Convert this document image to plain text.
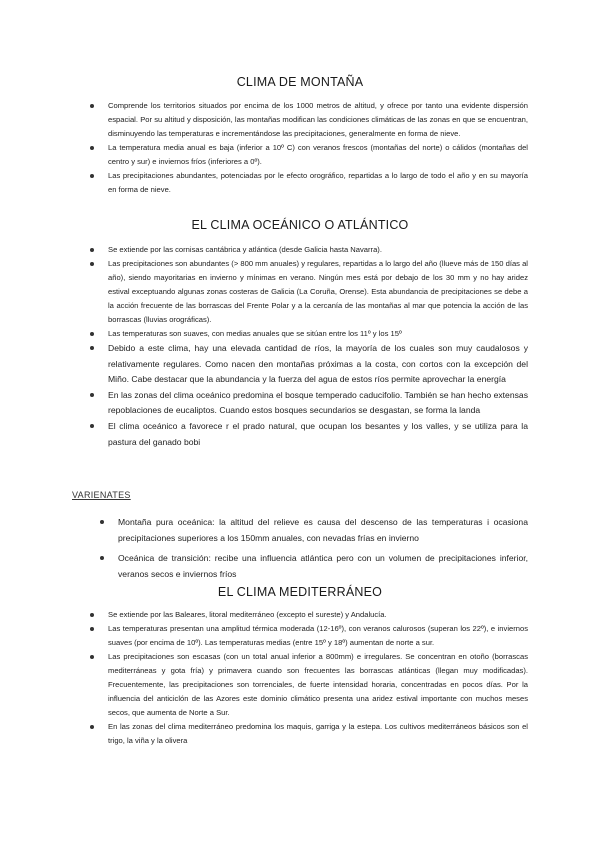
CLIMA DE MONTAÑA
Comprende los territorios situados por encima de los 1000 metros de altitud, y ofrece por tanto una evidente dispersión espacial. Por su altitud y disposición, las montañas modifican las condiciones climáticas de las zonas en que se encuentran, disminuyendo las temperaturas e incrementándose las precipitaciones, generalmente en forma de nieve.
La temperatura media anual es baja (inferior a 10º C) con veranos frescos (montañas del norte) o cálidos (montañas del centro y sur) e inviernos fríos (inferiores a 0º).
Las precipitaciones abundantes, potenciadas por le efecto orográfico, repartidas a lo largo de todo el año y en su mayoría en forma de nieve.
EL CLIMA OCEÁNICO O ATLÁNTICO
Se extiende por las cornisas cantábrica y atlántica (desde Galicia hasta Navarra).
Las precipitaciones son abundantes (> 800 mm anuales) y regulares, repartidas a lo largo del año (llueve más de 150 días al año), siendo mayoritarias en invierno y mínimas en verano. Ningún mes está por debajo de los 30 mm y no hay aridez estival exceptuando algunas zonas costeras de Galicia (La Coruña, Orense). Esta abundancia de precipitaciones se debe a la acción frecuente de las borrascas del Frente Polar y a la cercanía de las montañas al mar que potencia la acción de las borrascas (lluvias orográficas).
Las temperaturas son suaves, con medias anuales que se sitúan entre los 11º y los 15º
Debido a este clima, hay una elevada cantidad de ríos, la mayoría de los cuales son muy caudalosos y relativamente regulares. Como nacen den montañas próximas a la costa, con cortos con la excepción del Miño. Cabe destacar que la abundancia y la fuerza del agua de estos ríos permite aprovechar la energía
En las zonas del clima oceánico predomina el bosque temperado caducifolio. También se han hecho extensas repoblaciones de eucaliptos. Cuando estos bosques secundarios se desgastan, se forma la landa
El clima oceánico a favorece r el prado natural, que ocupan los besantes y los valles, y se utiliza para la pastura del ganado bobi
VARIENATES
Montaña pura oceánica: la altitud del relieve es causa del descenso de las temperaturas i ocasiona precipitaciones superiores a los 150mm anuales, con nevadas frías en invierno
Oceánica de transición: recibe una influencia atlántica pero con un volumen de precipitaciones inferior, veranos secos e inviernos fríos
EL CLIMA MEDITERRÁNEO
Se extiende por las Baleares, litoral mediterráneo (excepto el sureste) y Andalucía.
Las temperaturas presentan una amplitud térmica moderada (12-16º), con veranos calurosos (superan los 22º), e inviernos suaves (por encima de 10º). Las temperaturas medias (entre 15º y 18º) aumentan de norte a sur.
Las precipitaciones son escasas (con un total anual inferior a 800mm) e irregulares. Se concentran en otoño (borrascas mediterráneas y gota fría) y primavera cuando son frecuentes las borrascas atlánticas (llegan muy modificadas). Frecuentemente, las precipitaciones son torrenciales, de fuerte intensidad horaria, concentradas en pocos días. Por la influencia del anticiclón de las Azores este dominio climático presenta una aridez estival importante con muchos meses secos, que aumenta de Norte a Sur.
En las zonas del clima mediterráneo predomina los maquis, garriga y la estepa. Los cultivos mediterráneos básicos son el trigo, la viña y la olivera
